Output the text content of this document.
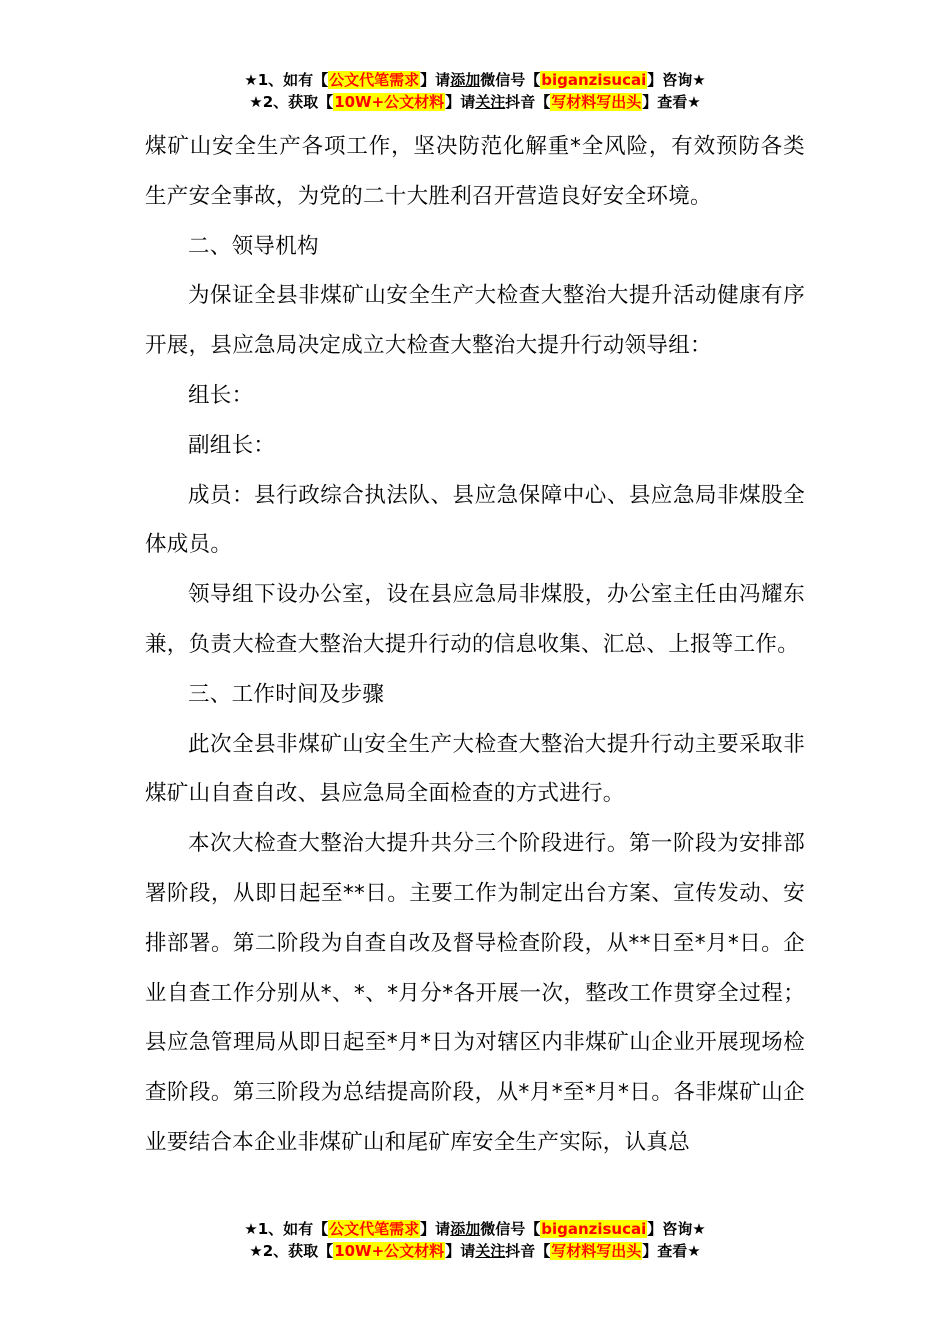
★1、如有【公文代笔需求】请添加微信号【biganzisucai】咨询★
★2、获取【10W+公文材料】请关注抖音【写材料写出头】查看★

煤矿山安全生产各项工作，坚决防范化解重*全风险，有效预防各类生产安全事故，为党的二十大胜利召开营造良好安全环境。

二、领导机构

为保证全县非煤矿山安全生产大检查大整治大提升活动健康有序开展，县应急局决定成立大检查大整治大提升行动领导组：

组长：

副组长：

成员：县行政综合执法队、县应急保障中心、县应急局非煤股全体成员。

领导组下设办公室，设在县应急局非煤股，办公室主任由冯耀东兼，负责大检查大整治大提升行动的信息收集、汇总、上报等工作。

三、工作时间及步骤

此次全县非煤矿山安全生产大检查大整治大提升行动主要采取非煤矿山自查自改、县应急局全面检查的方式进行。

本次大检查大整治大提升共分三个阶段进行。第一阶段为安排部署阶段，从即日起至**日。主要工作为制定出台方案、宣传发动、安排部署。第二阶段为自查自改及督导检查阶段，从**日至*月*日。企业自查工作分别从*、*、*月分*各开展一次，整改工作贯穿全过程；县应急管理局从即日起至*月*日为对辖区内非煤矿山企业开展现场检查阶段。第三阶段为总结提高阶段，从*月*至*月*日。各非煤矿山企业要结合本企业非煤矿山和尾矿库安全生产实际，认真总

★1、如有【公文代笔需求】请添加微信号【biganzisucai】咨询★
★2、获取【10W+公文材料】请关注抖音【写材料写出头】查看★
